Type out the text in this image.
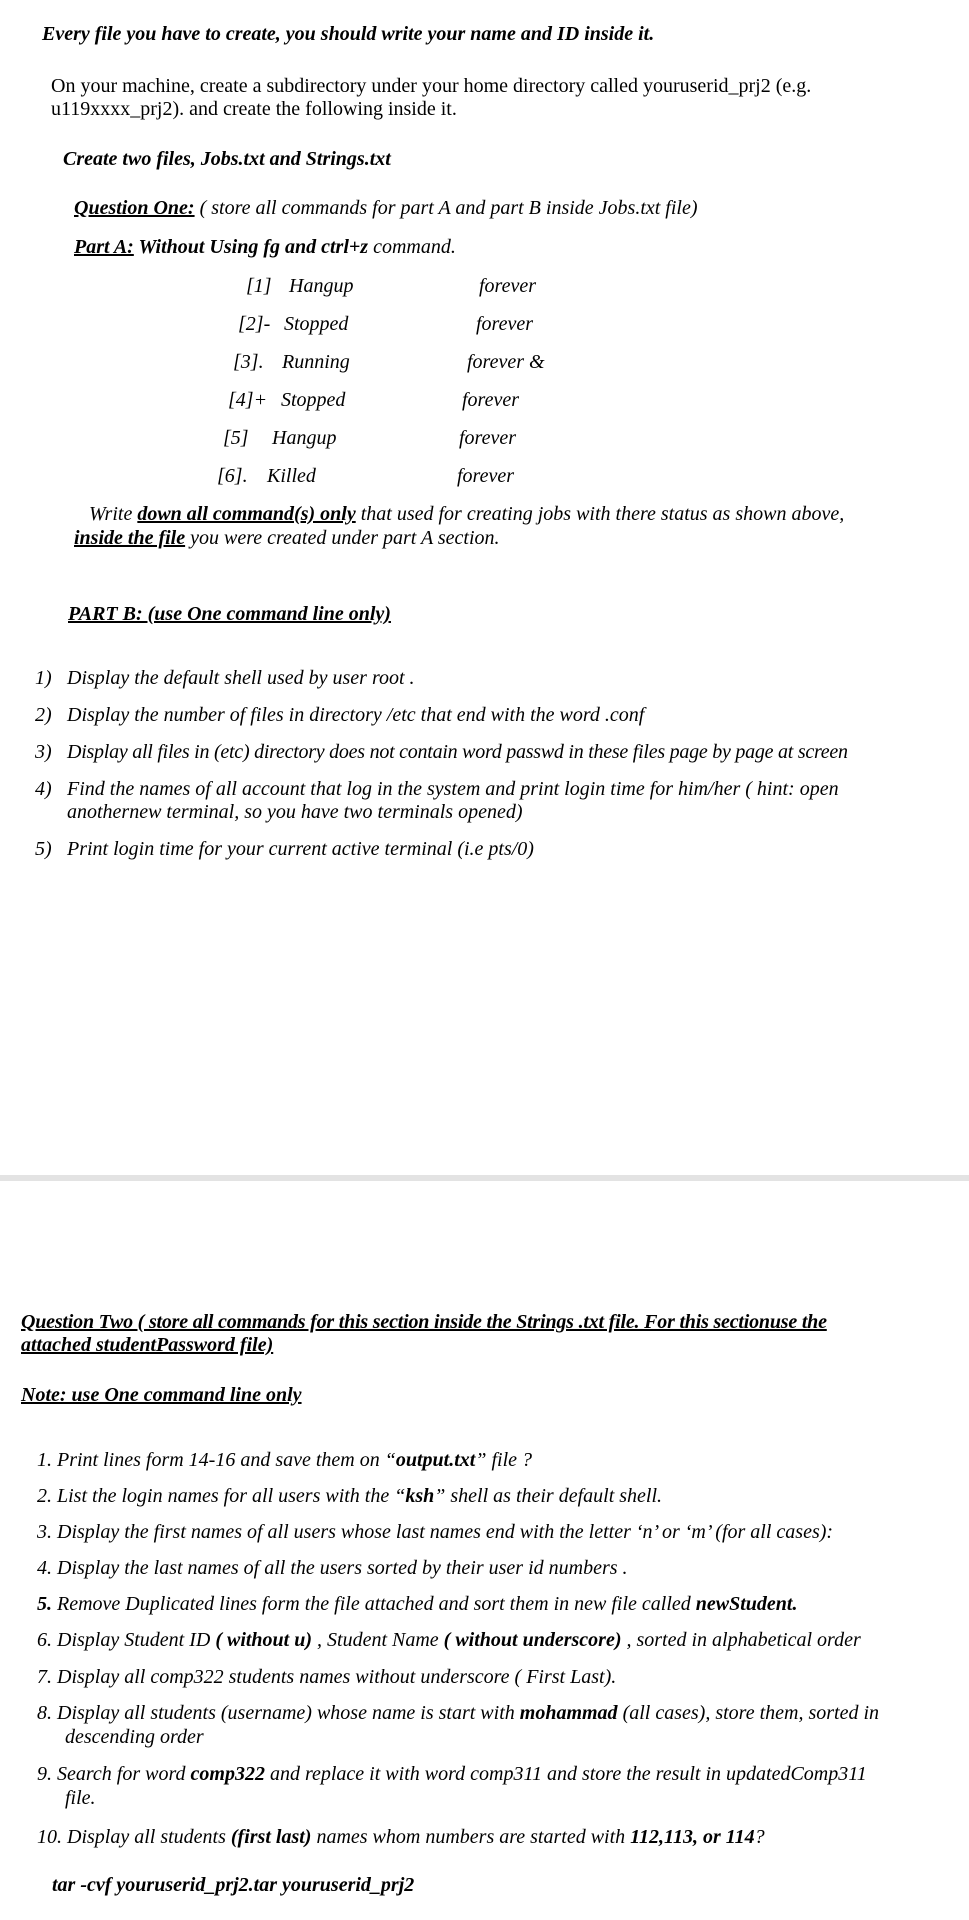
Every file you have to create, you should write your name and ID inside it.
On your machine, create a subdirectory under your home directory called youruserid_prj2 (e.g.
u119xxxx_prj2). and create the following inside it.
Create two files, Jobs.txt and Strings.txt
Question One: ( store all commands for part A and part B inside Jobs.txt file)
Part A: Without Using fg and ctrl+z command.
[1] Hangup	forever
[2]- Stopped	forever
[3]. Running	forever &
[4]+ Stopped	forever
[5] Hangup	forever
[6]. Killed	forever
Write down all command(s) only that used for creating jobs with there status as shown above,
inside the file you were created under part A section.
PART B: (use One command line only)
1) Display the default shell used by user root .
2) Display the number of files in directory /etc that end with the word .conf
3) Display all files in (etc) directory does not contain word passwd in these files page by page at screen
4) Find the names of all account that log in the system and print login time for him/her ( hint: open
anothernew terminal, so you have two terminals opened)
5) Print login time for your current active terminal (i.e pts/0)
Question Two ( store all commands for this section inside the Strings .txt file. For this sectionuse the
attached studentPassword file)
Note: use One command line only
1. Print lines form 14-16 and save them on “output.txt” file ?
2. List the login names for all users with the “ksh” shell as their default shell.
3. Display the first names of all users whose last names end with the letter ‘n’ or ‘m’ (for all cases):
4. Display the last names of all the users sorted by their user id numbers .
5. Remove Duplicated lines form the file attached and sort them in new file called newStudent.
6. Display Student ID ( without u) , Student Name ( without underscore) , sorted in alphabetical order
7. Display all comp322 students names without underscore ( First Last).
8. Display all students (username) whose name is start with mohammad (all cases), store them, sorted in
descending order
9. Search for word comp322 and replace it with word comp311 and store the result in updatedComp311
file.
10. Display all students (first last) names whom numbers are started with 112,113, or 114?
tar -cvf youruserid_prj2.tar youruserid_prj2
